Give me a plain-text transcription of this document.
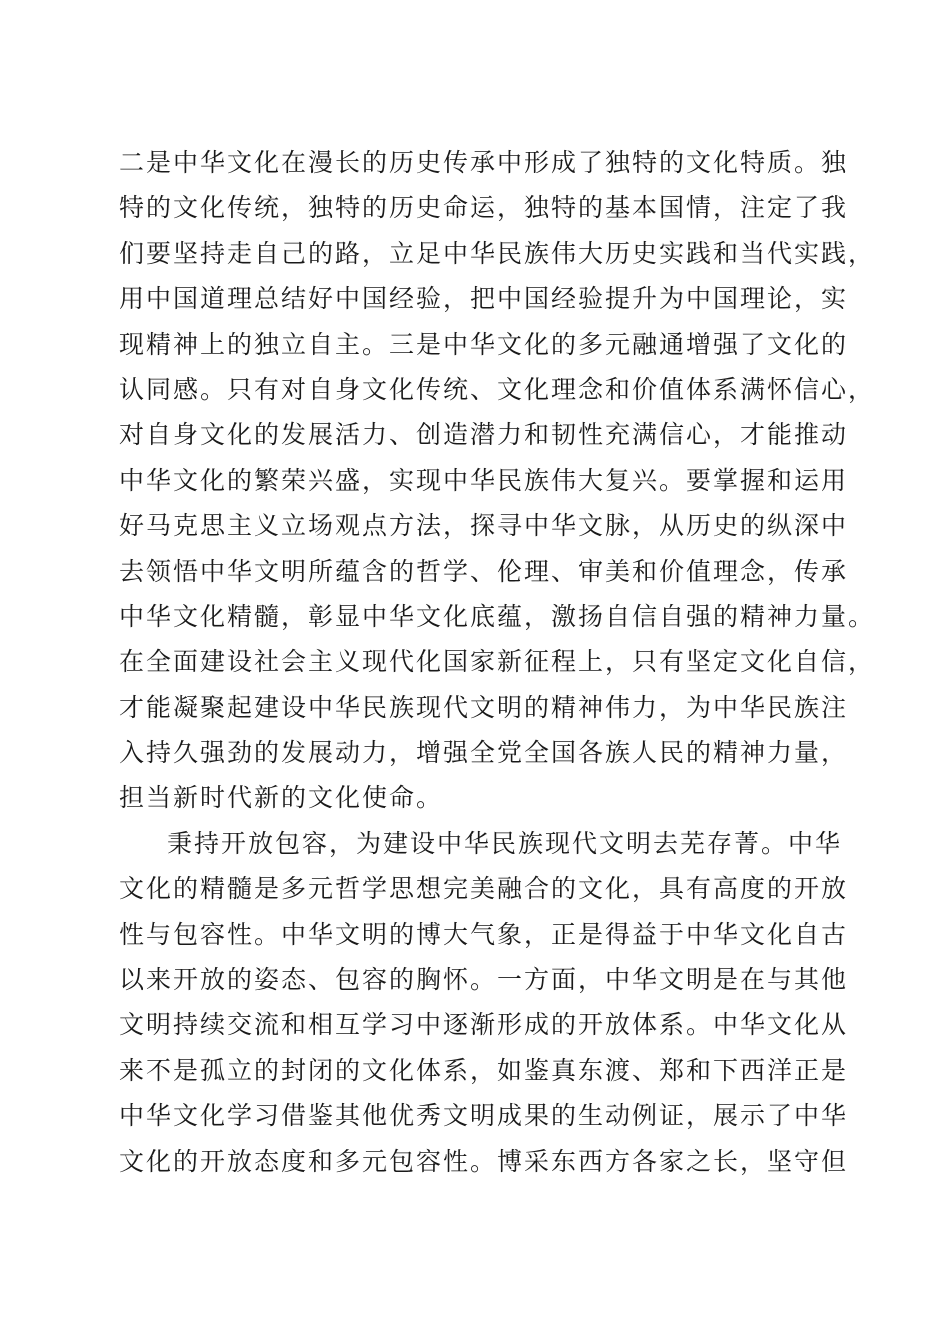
二是中华文化在漫长的历史传承中形成了独特的文化特质。独
特的文化传统，独特的历史命运，独特的基本国情，注定了我
们要坚持走自己的路，立足中华民族伟大历史实践和当代实践，
用中国道理总结好中国经验，把中国经验提升为中国理论，实
现精神上的独立自主。三是中华文化的多元融通增强了文化的
认同感。只有对自身文化传统、文化理念和价值体系满怀信心，
对自身文化的发展活力、创造潜力和韧性充满信心，才能推动
中华文化的繁荣兴盛，实现中华民族伟大复兴。要掌握和运用
好马克思主义立场观点方法，探寻中华文脉，从历史的纵深中
去领悟中华文明所蕴含的哲学、伦理、审美和价值理念，传承
中华文化精髓，彰显中华文化底蕴，激扬自信自强的精神力量。
在全面建设社会主义现代化国家新征程上，只有坚定文化自信，
才能凝聚起建设中华民族现代文明的精神伟力，为中华民族注
入持久强劲的发展动力，增强全党全国各族人民的精神力量，
担当新时代新的文化使命。
秉持开放包容，为建设中华民族现代文明去芜存菁。中华
文化的精髓是多元哲学思想完美融合的文化，具有高度的开放
性与包容性。中华文明的博大气象，正是得益于中华文化自古
以来开放的姿态、包容的胸怀。一方面，中华文明是在与其他
文明持续交流和相互学习中逐渐形成的开放体系。中华文化从
来不是孤立的封闭的文化体系，如鉴真东渡、郑和下西洋正是
中华文化学习借鉴其他优秀文明成果的生动例证，展示了中华
文化的开放态度和多元包容性。博采东西方各家之长，坚守但
